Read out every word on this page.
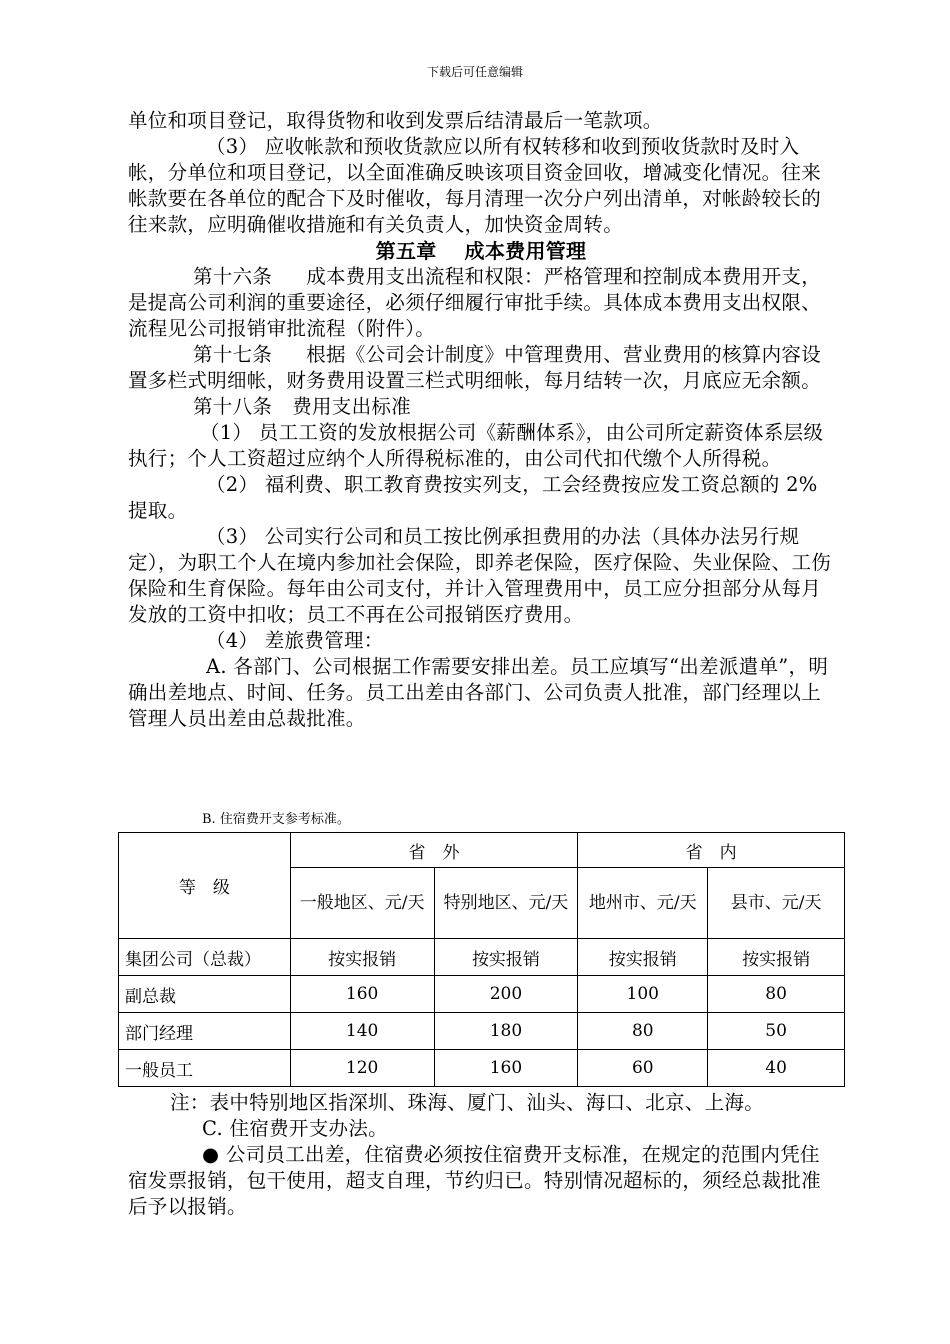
下载后可任意编辑

单位和项目登记，取得货物和收到发票后结清最后一笔款项。

（3） 应收帐款和预收货款应以所有权转移和收到预收货款时及时入帐，分单位和项目登记，以全面准确反映该项目资金回收，增减变化情况。往来帐款要在各单位的配合下及时催收，每月清理一次分户列出清单，对帐龄较长的往来款，应明确催收措施和有关负责人，加快资金周转。

第五章 成本费用管理

第十六条 成本费用支出流程和权限：严格管理和控制成本费用开支，是提高公司利润的重要途径，必须仔细履行审批手续。具体成本费用支出权限、流程见公司报销审批流程（附件）。

第十七条 根据《公司会计制度》中管理费用、营业费用的核算内容设置多栏式明细帐，财务费用设置三栏式明细帐，每月结转一次，月底应无余额。

第十八条 费用支出标准

（1） 员工工资的发放根据公司《薪酬体系》，由公司所定薪资体系层级执行；个人工资超过应纳个人所得税标准的，由公司代扣代缴个人所得税。

（2） 福利费、职工教育费按实列支，工会经费按应发工资总额的 2%提取。

（3） 公司实行公司和员工按比例承担费用的办法（具体办法另行规定），为职工个人在境内参加社会保险，即养老保险，医疗保险、失业保险、工伤保险和生育保险。每年由公司支付，并计入管理费用中，员工应分担部分从每月发放的工资中扣收；员工不再在公司报销医疗费用。

（4） 差旅费管理：

A. 各部门、公司根据工作需要安排出差。员工应填写“出差派遣单”，明确出差地点、时间、任务。员工出差由各部门、公司负责人批准，部门经理以上管理人员出差由总裁批准。

B. 住宿费开支参考标准。
等　级	省　外		省　内	
	一般地区、元/天	特别地区、元/天	地州市、元/天	县市、元/天
集团公司（总裁）	按实报销	按实报销	按实报销	按实报销
副总裁	160	200	100	80
部门经理	140	180	80	50
一般员工	120	160	60	40

注：表中特别地区指深圳、珠海、厦门、汕头、海口、北京、上海。

C. 住宿费开支办法。

● 公司员工出差，住宿费必须按住宿费开支标准，在规定的范围内凭住宿发票报销，包干使用，超支自理，节约归已。特别情况超标的，须经总裁批准后予以报销。
